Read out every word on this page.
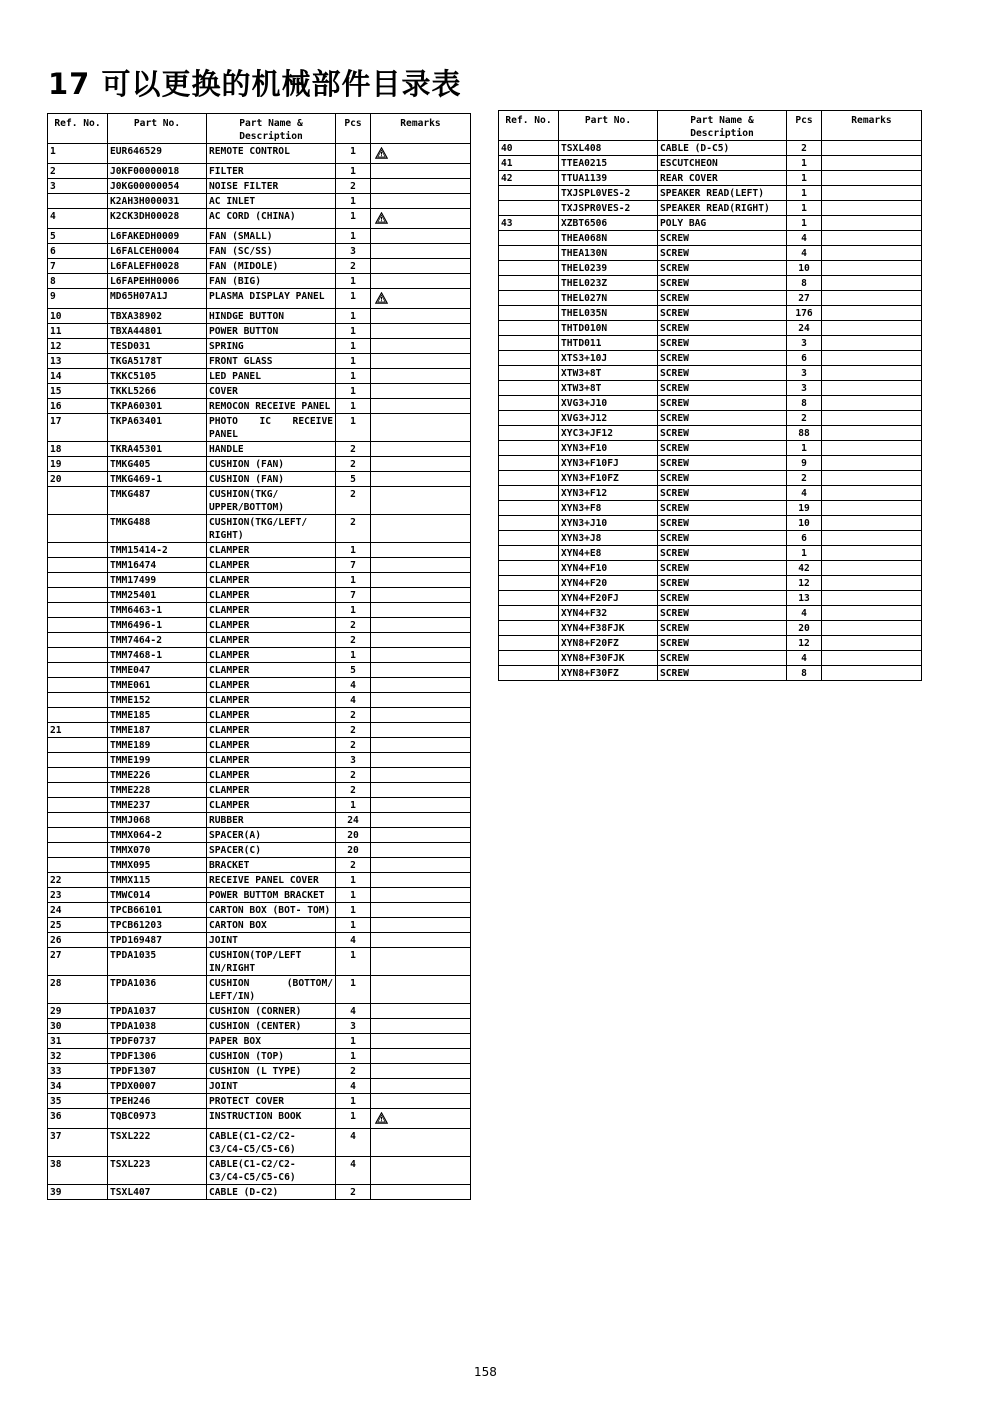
17 可以更换的机械部件目录表
Ref. No.	Part No.	Part Name & Description	Pcs	Remarks
1	EUR646529	REMOTE CONTROL	1	
2	J0KF00000018	FILTER	1	
3	J0KG00000054	NOISE FILTER	2	
	K2AH3H000031	AC INLET	1	
4	K2CK3DH00028	AC CORD (CHINA)	1	
5	L6FAKEDH0009	FAN (SMALL)	1	
6	L6FALCEH0004	FAN (SC/SS)	3	
7	L6FALEFH0028	FAN (MIDOLE)	2	
8	L6FAPEHH0006	FAN (BIG)	1	
9	MD65H07A1J	PLASMA DISPLAY PANEL	1	
10	TBXA38902	HINDGE BUTTON	1	
11	TBXA44801	POWER BUTTON	1	
12	TESD031	SPRING	1	
13	TKGA5178T	FRONT GLASS	1	
14	TKKC5105	LED PANEL	1	
15	TKKL5266	COVER	1	
16	TKPA60301	REMOCON RECEIVE PANEL	1	
17	TKPA63401	PHOTO IC RECEIVE PANEL	1	
18	TKRA45301	HANDLE	2	
19	TMKG405	CUSHION (FAN)	2	
20	TMKG469-1	CUSHION (FAN)	5	
	TMKG487	CUSHION(TKG/ UPPER/BOTTOM)	2	
	TMKG488	CUSHION(TKG/LEFT/ RIGHT)	2	
	TMM15414-2	CLAMPER	1	
	TMM16474	CLAMPER	7	
	TMM17499	CLAMPER	1	
	TMM25401	CLAMPER	7	
	TMM6463-1	CLAMPER	1	
	TMM6496-1	CLAMPER	2	
	TMM7464-2	CLAMPER	2	
	TMM7468-1	CLAMPER	1	
	TMME047	CLAMPER	5	
	TMME061	CLAMPER	4	
	TMME152	CLAMPER	4	
	TMME185	CLAMPER	2	
21	TMME187	CLAMPER	2	
	TMME189	CLAMPER	2	
	TMME199	CLAMPER	3	
	TMME226	CLAMPER	2	
	TMME228	CLAMPER	2	
	TMME237	CLAMPER	1	
	TMMJ068	RUBBER	24	
	TMMX064-2	SPACER(A)	20	
	TMMX070	SPACER(C)	20	
	TMMX095	BRACKET	2	
22	TMMX115	RECEIVE PANEL COVER	1	
23	TMWC014	POWER BUTTOM BRACKET	1	
24	TPCB66101	CARTON BOX (BOT- TOM)	1	
25	TPCB61203	CARTON BOX	1	
26	TPD169487	JOINT	4	
27	TPDA1035	CUSHION(TOP/LEFT IN/RIGHT	1	
28	TPDA1036	CUSHION (BOTTOM/ LEFT/IN)	1	
29	TPDA1037	CUSHION (CORNER)	4	
30	TPDA1038	CUSHION (CENTER)	3	
31	TPDF0737	PAPER BOX	1	
32	TPDF1306	CUSHION (TOP)	1	
33	TPDF1307	CUSHION (L TYPE)	2	
34	TPDX0007	JOINT	4	
35	TPEH246	PROTECT COVER	1	
36	TQBC0973	INSTRUCTION BOOK	1	
37	TSXL222	CABLE(C1-C2/C2- C3/C4-C5/C5-C6)	4	
38	TSXL223	CABLE(C1-C2/C2- C3/C4-C5/C5-C6)	4	
39	TSXL407	CABLE (D-C2)	2	
Ref. No.	Part No.	Part Name & Description	Pcs	Remarks
40	TSXL408	CABLE (D-C5)	2	
41	TTEA0215	ESCUTCHEON	1	
42	TTUA1139	REAR COVER	1	
	TXJSPL0VES-2	SPEAKER READ(LEFT)	1	
	TXJSPR0VES-2	SPEAKER READ(RIGHT)	1	
43	XZBT6506	POLY BAG	1	
	THEA068N	SCREW	4	
	THEA130N	SCREW	4	
	THEL0239	SCREW	10	
	THEL023Z	SCREW	8	
	THEL027N	SCREW	27	
	THEL035N	SCREW	176	
	THTD010N	SCREW	24	
	THTD011	SCREW	3	
	XTS3+10J	SCREW	6	
	XTW3+8T	SCREW	3	
	XTW3+8T	SCREW	3	
	XVG3+J10	SCREW	8	
	XVG3+J12	SCREW	2	
	XYC3+JF12	SCREW	88	
	XYN3+F10	SCREW	1	
	XYN3+F10FJ	SCREW	9	
	XYN3+F10FZ	SCREW	2	
	XYN3+F12	SCREW	4	
	XYN3+F8	SCREW	19	
	XYN3+J10	SCREW	10	
	XYN3+J8	SCREW	6	
	XYN4+E8	SCREW	1	
	XYN4+F10	SCREW	42	
	XYN4+F20	SCREW	12	
	XYN4+F20FJ	SCREW	13	
	XYN4+F32	SCREW	4	
	XYN4+F38FJK	SCREW	20	
	XYN8+F20FZ	SCREW	12	
	XYN8+F30FJK	SCREW	4	
	XYN8+F30FZ	SCREW	8	
158
